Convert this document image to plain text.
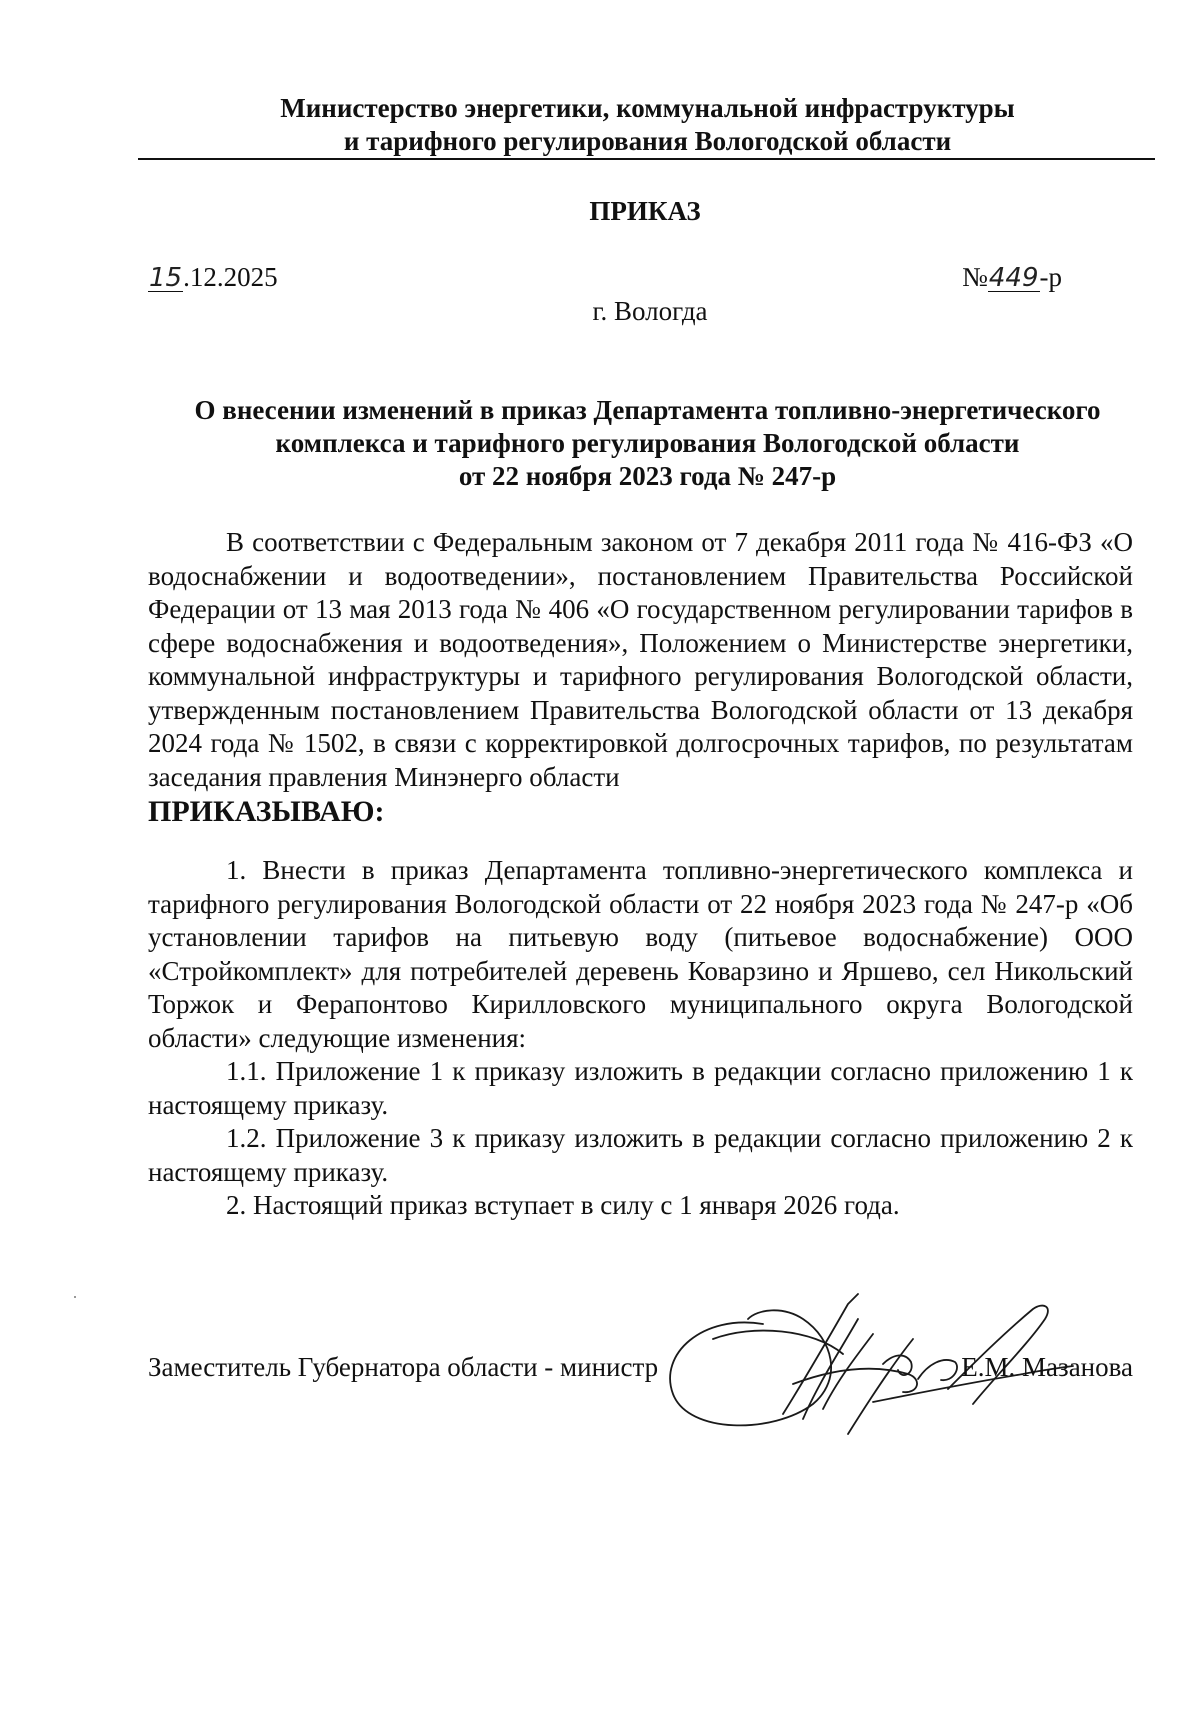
Министерство энергетики, коммунальной инфраструктуры
и тарифного регулирования Вологодской области
ПРИКАЗ
15.12.2025	№449-р
г. Вологда
О внесении изменений в приказ Департамента топливно-энергетического
комплекса и тарифного регулирования Вологодской области
от 22 ноября 2023 года № 247-р

В соответствии с Федеральным законом от 7 декабря 2011 года № 416-ФЗ «О водоснабжении и водоотведении», постановлением Правительства Российской Федерации от 13 мая 2013 года № 406 «О государственном регулировании тарифов в сфере водоснабжения и водоотведения», Положением о Министерстве энергетики, коммунальной инфраструктуры и тарифного регулирования Вологодской области, утвержденным постановлением Правительства Вологодской области от 13 декабря 2024 года № 1502, в связи с корректировкой долгосрочных тарифов, по результатам заседания правления Минэнерго области

ПРИКАЗЫВАЮ:

1. Внести в приказ Департамента топливно-энергетического комплекса и тарифного регулирования Вологодской области от 22 ноября 2023 года № 247-р «Об установлении тарифов на питьевую воду (питьевое водоснабжение) ООО «Стройкомплект» для потребителей деревень Коварзино и Яршево, сел Никольский Торжок и Ферапонтово Кирилловского муниципального округа Вологодской области» следующие изменения:

1.1. Приложение 1 к приказу изложить в редакции согласно приложению 1 к настоящему приказу.

1.2. Приложение 3 к приказу изложить в редакции согласно приложению 2 к настоящему приказу.

2. Настоящий приказ вступает в силу с 1 января 2026 года.

Заместитель Губернатора области - министр	Е.М. Мазанова
